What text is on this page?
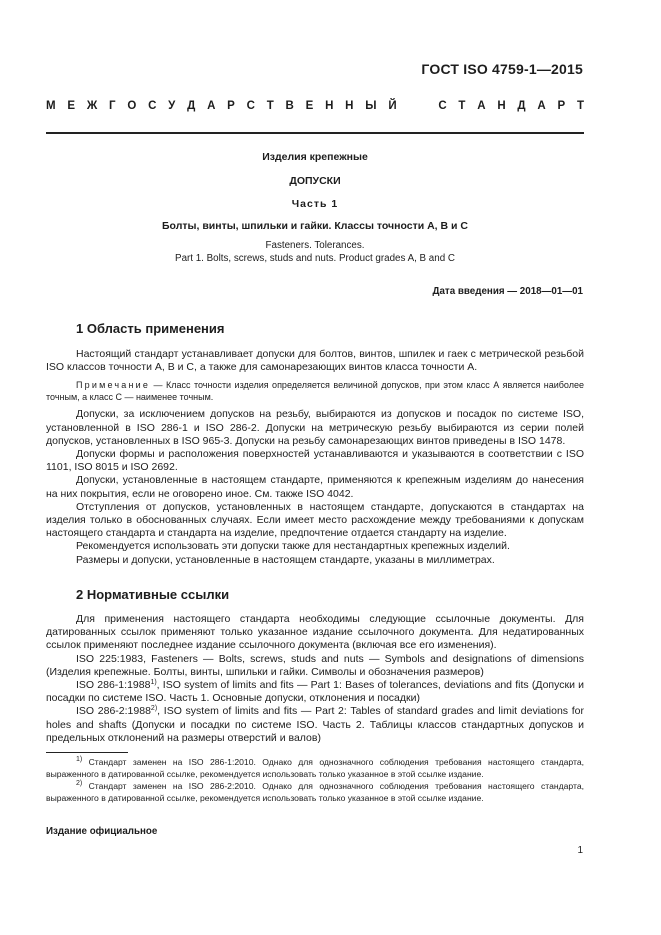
ГОСТ ISO 4759-1—2015
М Е Ж Г О С У Д А Р С Т В Е Н Н Ы Й

	С Т А Н Д А Р Т
Изделия крепежные
ДОПУСКИ
Часть 1
Болты, винты, шпильки и гайки. Классы точности А, В и С
Fasteners. Tolerances.
Part 1. Bolts, screws, studs and nuts. Product grades A, B and C
Дата введения — 2018—01—01
1 Область применения

Настоящий стандарт устанавливает допуски для болтов, винтов, шпилек и гаек с метрической резьбой ISO классов точности А, В и С, а также для самонарезающих винтов класса точности А.

Примечание — Класс точности изделия определяется величиной допусков, при этом класс А является наиболее точным, а класс С — наименее точным.

Допуски, за исключением допусков на резьбу, выбираются из допусков и посадок по системе ISO, установленной в ISO 286-1 и ISO 286-2. Допуски на метрическую резьбу выбираются из серии полей допусков, установленных в ISO 965-3. Допуски на резьбу самонарезающих винтов приведены в ISO 1478.

Допуски формы и расположения поверхностей устанавливаются и указываются в соответствии с ISO 1101, ISO 8015 и ISO 2692.

Допуски, установленные в настоящем стандарте, применяются к крепежным изделиям до нанесения на них покрытия, если не оговорено иное. См. также ISO 4042.

Отступления от допусков, установленных в настоящем стандарте, допускаются в стандартах на изделия только в обоснованных случаях. Если имеет место расхождение между требованиями к допускам настоящего стандарта и стандарта на изделие, предпочтение отдается стандарту на изделие.

Рекомендуется использовать эти допуски также для нестандартных крепежных изделий.

Размеры и допуски, установленные в настоящем стандарте, указаны в миллиметрах.

2 Нормативные ссылки

Для применения настоящего стандарта необходимы следующие ссылочные документы. Для датированных ссылок применяют только указанное издание ссылочного документа. Для недатированных ссылок применяют последнее издание ссылочного документа (включая все его изменения).

ISO 225:1983, Fasteners — Bolts, screws, studs and nuts — Symbols and designations of dimensions (Изделия крепежные. Болты, винты, шпильки и гайки. Символы и обозначения размеров)

ISO 286-1:1988$^{1)}$, ISO system of limits and fits — Part 1: Bases of tolerances, deviations and fits (Допуски и посадки по системе ISO. Часть 1. Основные допуски, отклонения и посадки)

ISO 286-2:1988$^{2)}$, ISO system of limits and fits — Part 2: Tables of standard grades and limit deviations for holes and shafts (Допуски и посадки по системе ISO. Часть 2. Таблицы классов стандартных допусков и предельных отклонений на размеры отверстий и валов)

$^{1)}$ Стандарт заменен на ISO 286-1:2010. Однако для однозначного соблюдения требования настоящего стандарта, выраженного в датированной ссылке, рекомендуется использовать только указанное в этой ссылке издание.

$^{2)}$ Стандарт заменен на ISO 286-2:2010. Однако для однозначного соблюдения требования настоящего стандарта, выраженного в датированной ссылке, рекомендуется использовать только указанное в этой ссылке издание.

Издание официальное
1
